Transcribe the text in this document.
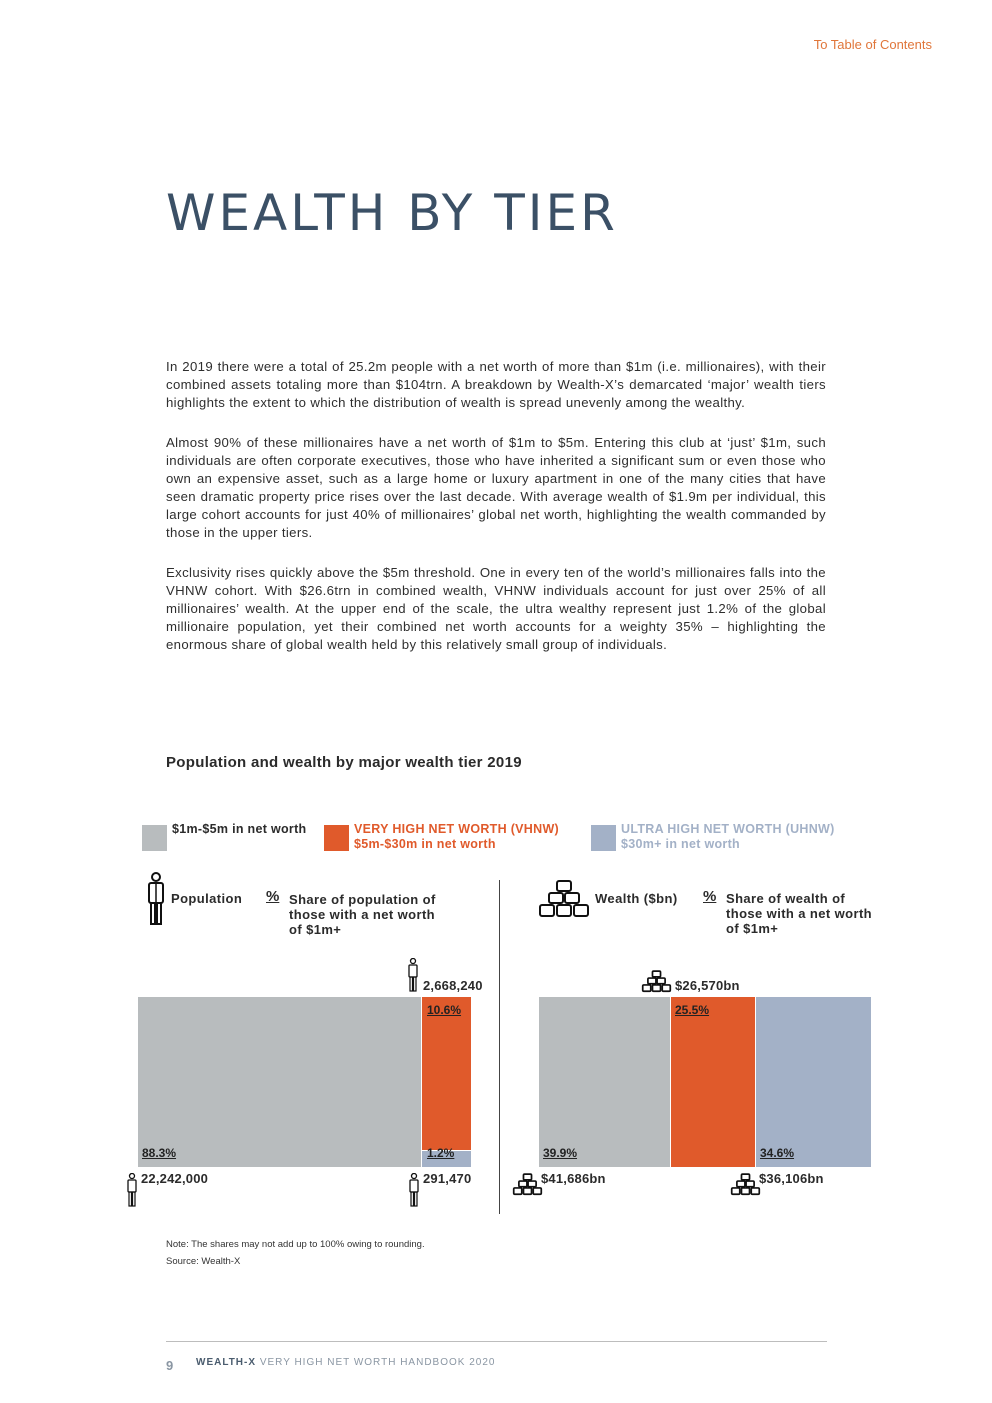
To Table of Contents
WEALTH BY TIER

In 2019 there were a total of 25.2m people with a net worth of more than $1m (i.e. millionaires), with their combined assets totaling more than $104trn. A breakdown by Wealth-X’s demarcated ‘major’ wealth tiers highlights the extent to which the distribution of wealth is spread unevenly among the wealthy.

Almost 90% of these millionaires have a net worth of $1m to $5m. Entering this club at ‘just’ $1m, such individuals are often corporate executives, those who have inherited a significant sum or even those who own an expensive asset, such as a large home or luxury apartment in one of the many cities that have seen dramatic property price rises over the last decade. With average wealth of $1.9m per individual, this large cohort accounts for just 40% of millionaires’ global net worth, highlighting the wealth commanded by those in the upper tiers.

Exclusivity rises quickly above the $5m threshold. One in every ten of the world’s millionaires falls into the VHNW cohort. With $26.6trn in combined wealth, VHNW individuals account for just over 25% of all millionaires’ wealth. At the upper end of the scale, the ultra wealthy represent just 1.2% of the global millionaire population, yet their combined net worth accounts for a weighty 35% – highlighting the enormous share of global wealth held by this relatively small group of individuals.

Population and wealth by major wealth tier 2019
$1m-$5m in net worth	VERY HIGH NET WORTH (VHNW)
$5m-$30m in net worth
ULTRA HIGH NET WORTH (UHNW)
$30m+ in net worth
Population % Share of population of those with a net worth of $1m+
Wealth ($bn) % Share of wealth of those with a net worth of $1m+
88.3%
10.6%
1.2%
2,668,240
22,242,000	291,470
39.9%
25.5%
34.6%
$26,570bn
$41,686bn	$36,106bn
Note: The shares may not add up to 100% owing to rounding.
Source: Wealth-X
9 WEALTH-X VERY HIGH NET WORTH HANDBOOK 2020
